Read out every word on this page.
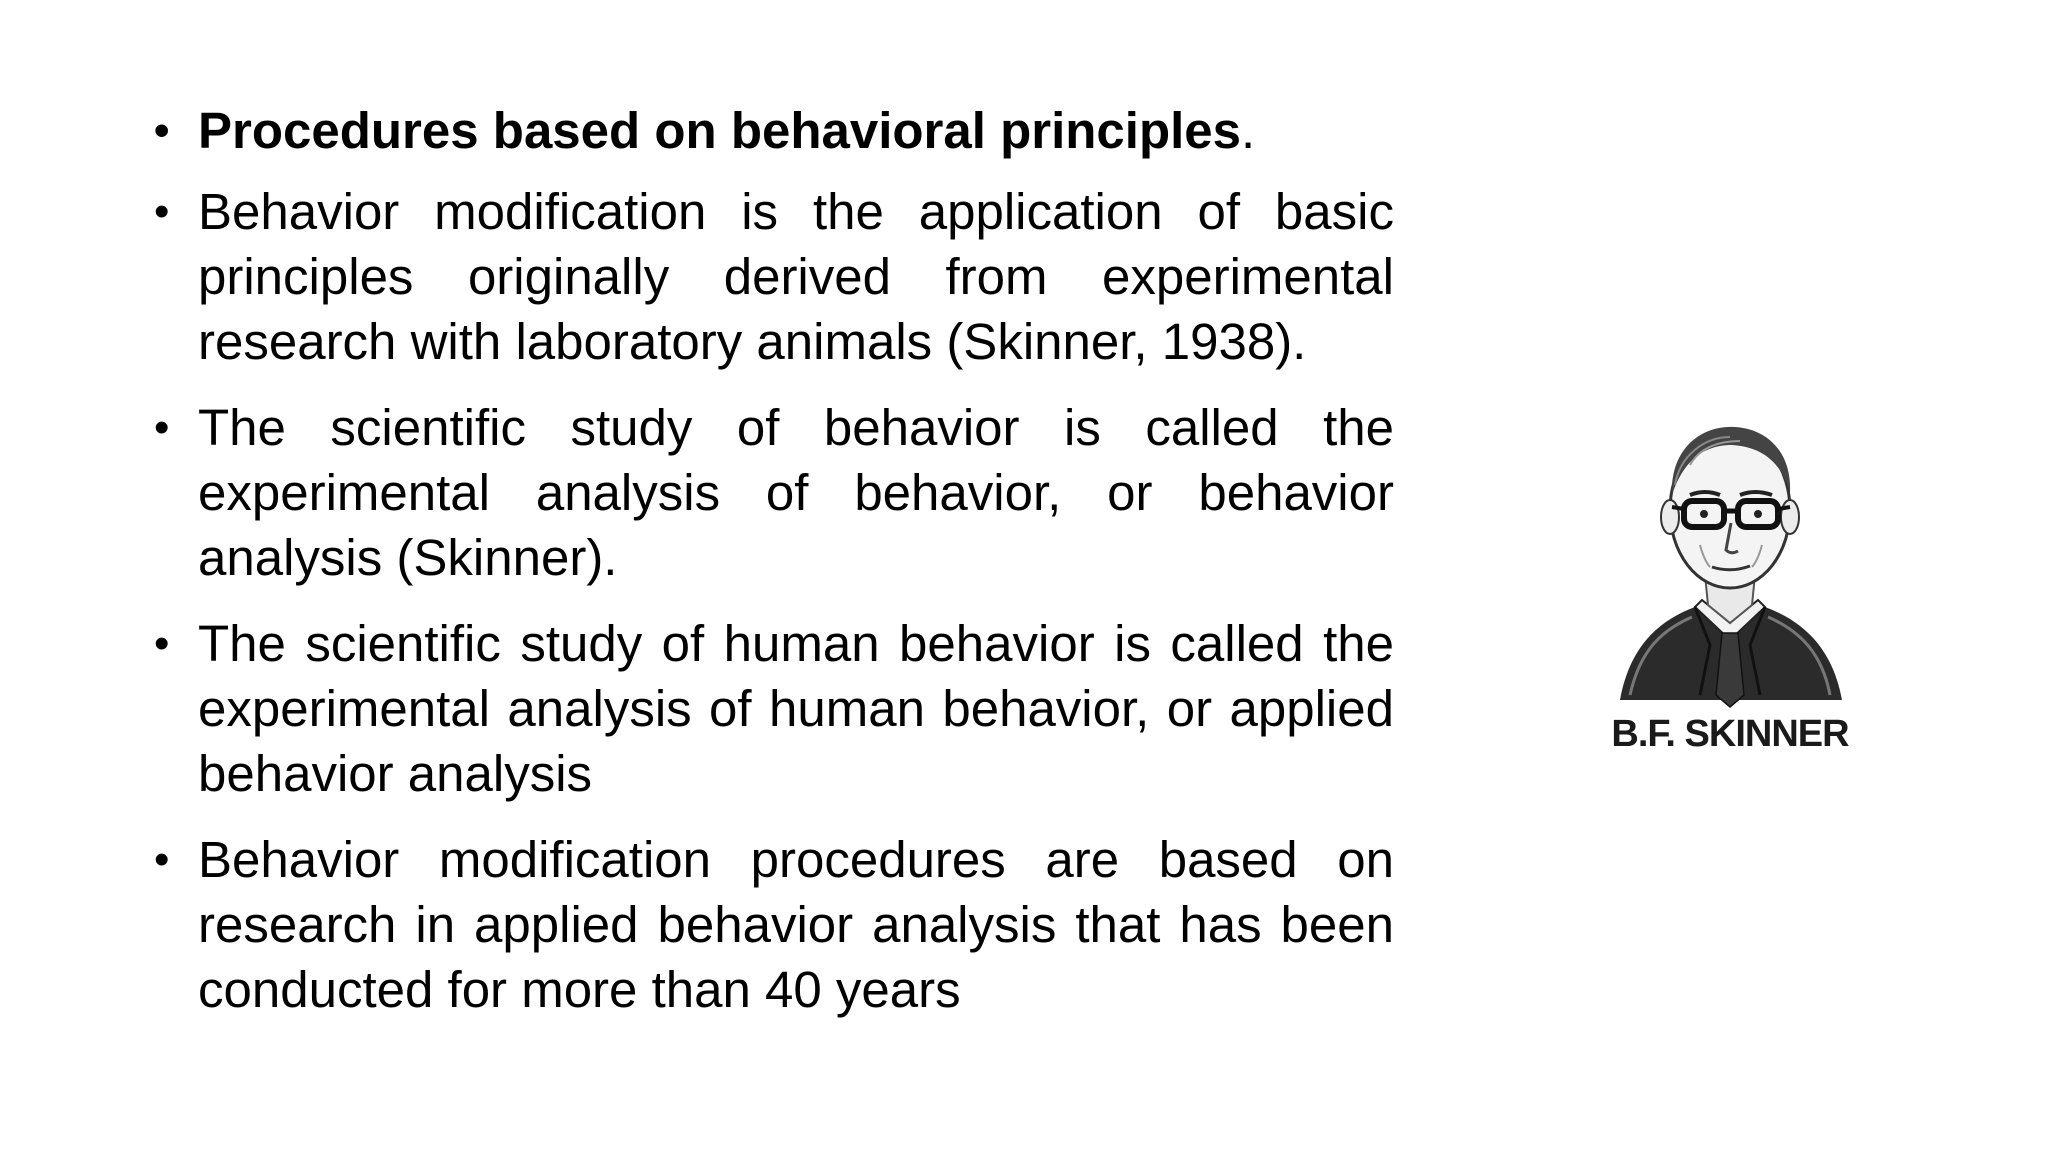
• Procedures based on behavioral principles.
• Behavior modification is the application of basic principles originally derived from experimental research with laboratory animals (Skinner, 1938).
• The scientific study of behavior is called the experimental analysis of behavior, or behavior analysis (Skinner).
• The scientific study of human behavior is called the experimental analysis of human behavior, or applied behavior analysis
• Behavior modification procedures are based on research in applied behavior analysis that has been conducted for more than 40 years
B.F. SKINNER
